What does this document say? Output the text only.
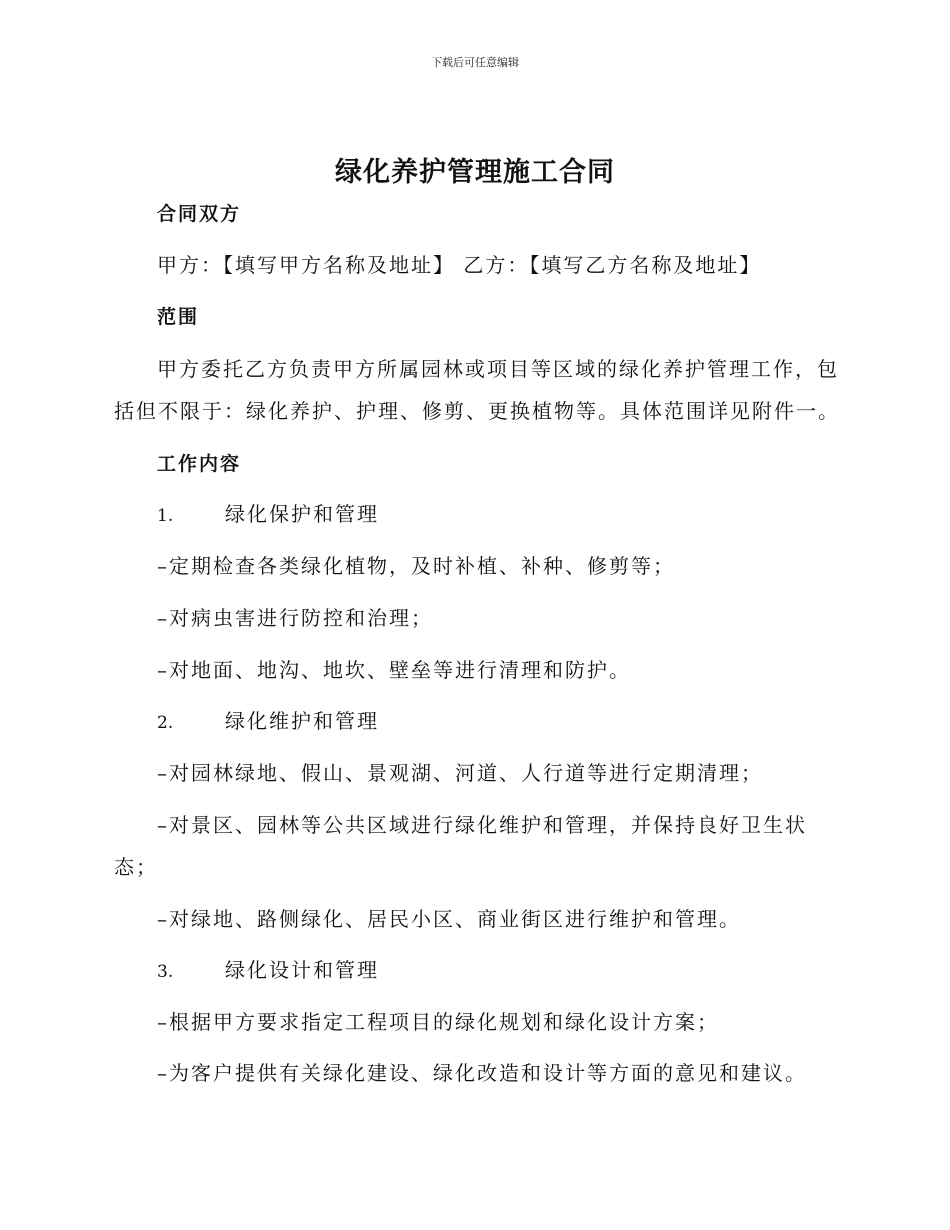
下载后可任意编辑
绿化养护管理施工合同
合同双方
甲方：【填写甲方名称及地址】 乙方：【填写乙方名称及地址】
范围
甲方委托乙方负责甲方所属园林或项目等区域的绿化养护管理工作，包
括但不限于：绿化养护、护理、修剪、更换植物等。具体范围详见附件一。
工作内容
1.	绿化保护和管理
–定期检查各类绿化植物，及时补植、补种、修剪等；
–对病虫害进行防控和治理；
–对地面、地沟、地坎、壁垒等进行清理和防护。
2.	绿化维护和管理
–对园林绿地、假山、景观湖、河道、人行道等进行定期清理；
–对景区、园林等公共区域进行绿化维护和管理，并保持良好卫生状
态；
–对绿地、路侧绿化、居民小区、商业街区进行维护和管理。
3.	绿化设计和管理
–根据甲方要求指定工程项目的绿化规划和绿化设计方案；
–为客户提供有关绿化建设、绿化改造和设计等方面的意见和建议。
